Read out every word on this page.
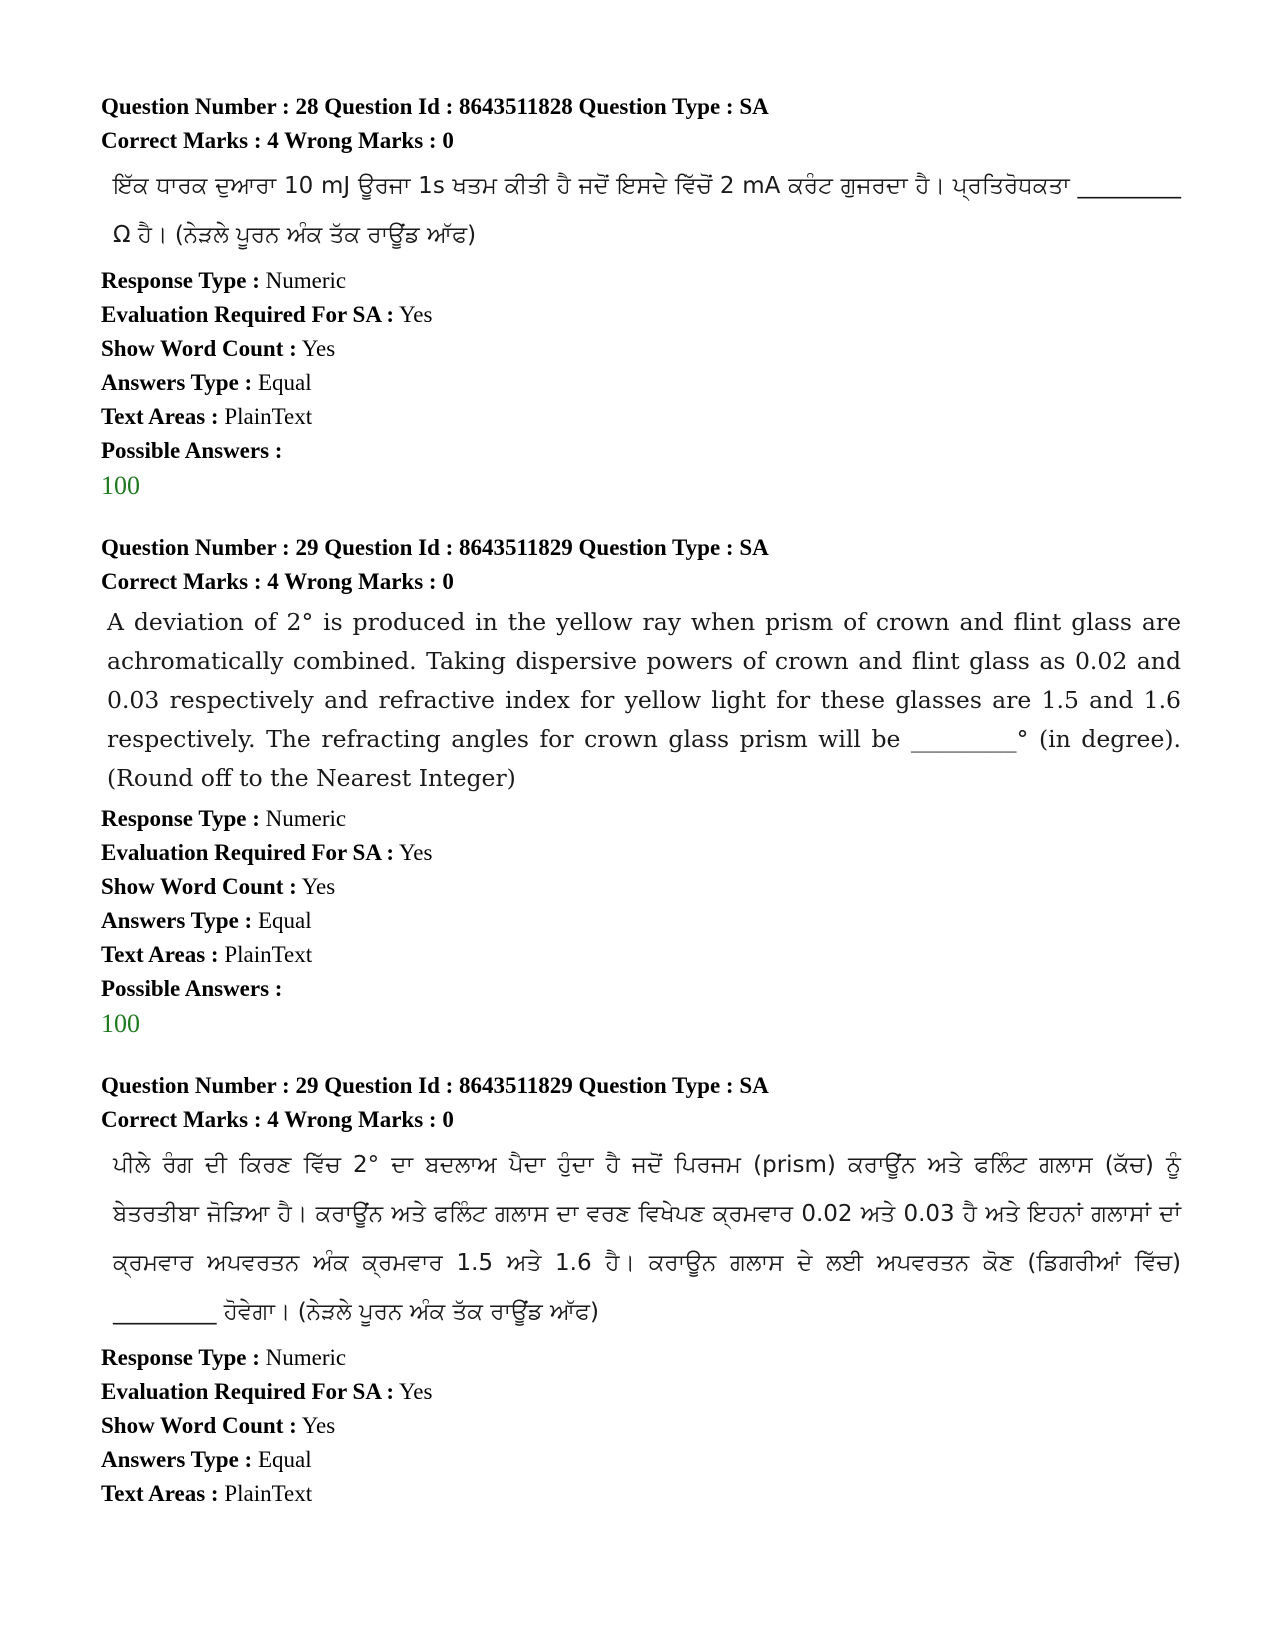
Question Number : 28 Question Id : 8643511828 Question Type : SA
Correct Marks : 4 Wrong Marks : 0
ਇੱਕ ਧਾਰਕ ਦੁਆਰਾ 10 mJ ਊਰਜਾ 1s ਖਤਮ ਕੀਤੀ ਹੈ ਜਦੋਂ ਇਸਦੇ ਵਿੱਚੋਂ 2 mA ਕਰੰਟ ਗੁਜਰਦਾ ਹੈ। ਪ੍ਰਤਿਰੋਧਕਤਾ _________ Ω ਹੈ। (ਨੇੜਲੇ ਪੂਰਨ ਅੰਕ ਤੱਕ ਰਾਊਂਡ ਆੱਫ)
Response Type : Numeric
Evaluation Required For SA : Yes
Show Word Count : Yes
Answers Type : Equal
Text Areas : PlainText
Possible Answers :
100
Question Number : 29 Question Id : 8643511829 Question Type : SA
Correct Marks : 4 Wrong Marks : 0
A deviation of 2° is produced in the yellow ray when prism of crown and flint glass are achromatically combined. Taking dispersive powers of crown and flint glass as 0.02 and 0.03 respectively and refractive index for yellow light for these glasses are 1.5 and 1.6 respectively. The refracting angles for crown glass prism will be _________° (in degree). (Round off to the Nearest Integer)
Response Type : Numeric
Evaluation Required For SA : Yes
Show Word Count : Yes
Answers Type : Equal
Text Areas : PlainText
Possible Answers :
100
Question Number : 29 Question Id : 8643511829 Question Type : SA
Correct Marks : 4 Wrong Marks : 0
ਪੀਲੇ ਰੰਗ ਦੀ ਕਿਰਣ ਵਿੱਚ 2° ਦਾ ਬਦਲਾਅ ਪੈਦਾ ਹੁੰਦਾ ਹੈ ਜਦੋਂ ਪਿਰਜਮ (prism) ਕਰਾਊਂਨ ਅਤੇ ਫਲਿੰਟ ਗਲਾਸ (ਕੱਚ) ਨੂੰ ਬੇਤਰਤੀਬਾ ਜੋੜਿਆ ਹੈ। ਕਰਾਊਂਨ ਅਤੇ ਫਲਿੰਟ ਗਲਾਸ ਦਾ ਵਰਣ ਵਿਖੇਪਣ ਕ੍ਰਮਵਾਰ 0.02 ਅਤੇ 0.03 ਹੈ ਅਤੇ ਇਹਨਾਂ ਗਲਾਸਾਂ ਦਾਂ ਕ੍ਰਮਵਾਰ ਅਪਵਰਤਨ ਅੰਕ ਕ੍ਰਮਵਾਰ 1.5 ਅਤੇ 1.6 ਹੈ। ਕਰਾਊਨ ਗਲਾਸ ਦੇ ਲਈ ਅਪਵਰਤਨ ਕੋਣ (ਡਿਗਰੀਆਂ ਵਿੱਚ) _________ ਹੋਵੇਗਾ। (ਨੇੜਲੇ ਪੂਰਨ ਅੰਕ ਤੱਕ ਰਾਊਂਡ ਆੱਫ)
Response Type : Numeric
Evaluation Required For SA : Yes
Show Word Count : Yes
Answers Type : Equal
Text Areas : PlainText
